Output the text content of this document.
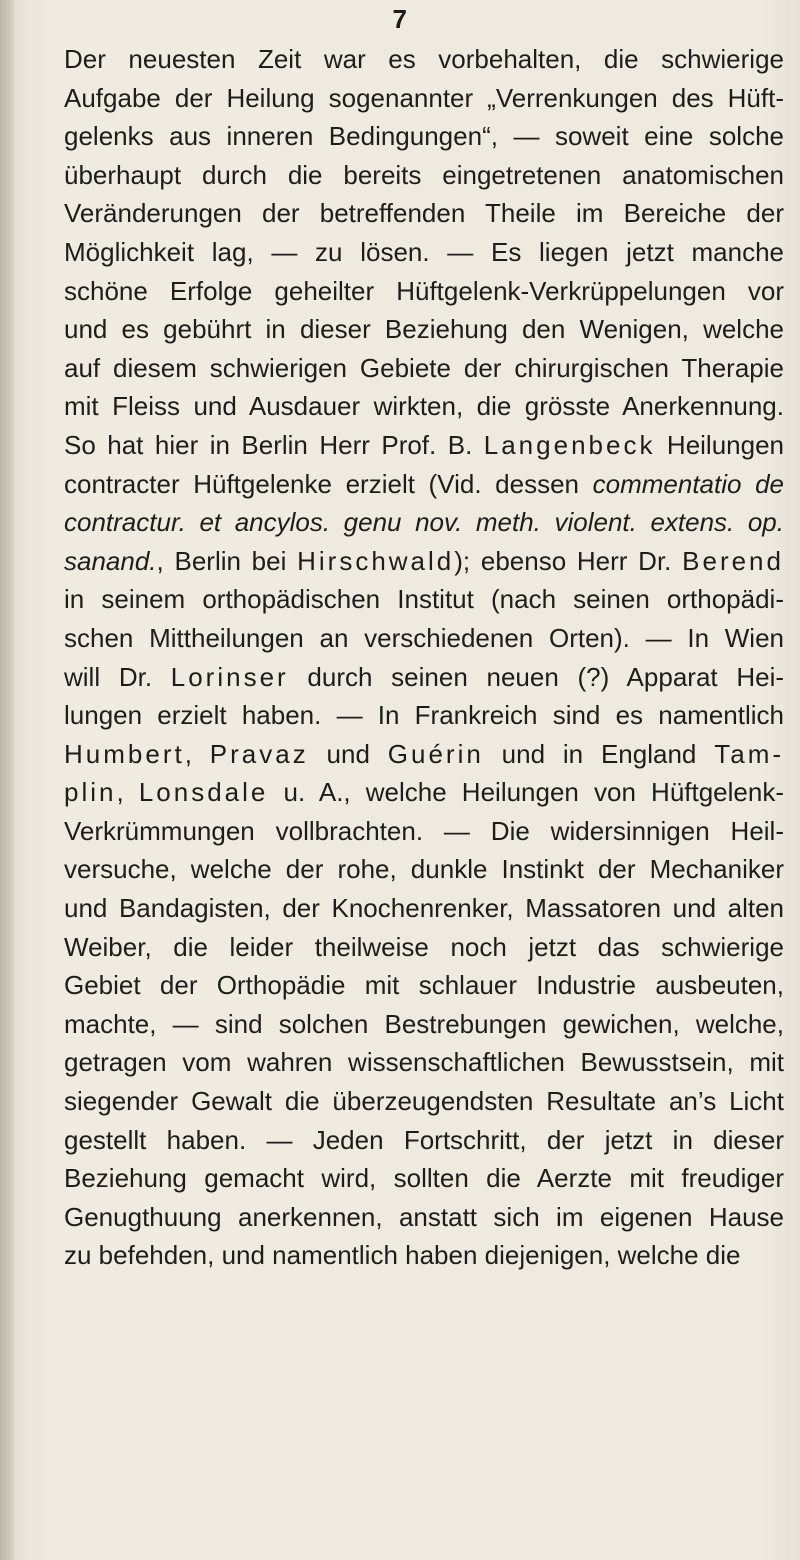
7
Der neuesten Zeit war es vorbehalten, die schwierige
Aufgabe der Heilung sogenannter „Verrenkungen des Hüft-
gelenks aus inneren Bedingungen“, — soweit eine solche
überhaupt durch die bereits eingetretenen anatomischen
Veränderungen der betreffenden Theile im Bereiche der
Möglichkeit lag, — zu lösen. — Es liegen jetzt manche
schöne Erfolge geheilter Hüftgelenk-Verkrüppelungen vor
und es gebührt in dieser Beziehung den Wenigen, welche
auf diesem schwierigen Gebiete der chirurgischen Therapie
mit Fleiss und Ausdauer wirkten, die grösste Anerkennung.
So hat hier in Berlin Herr Prof. B. Langenbeck Heilungen
contracter Hüftgelenke erzielt (Vid. dessen commentatio de
contractur. et ancylos. genu nov. meth. violent. extens. op.
sanand., Berlin bei Hirschwald); ebenso Herr Dr. Berend
in seinem orthopädischen Institut (nach seinen orthopädi-
schen Mittheilungen an verschiedenen Orten). — In Wien
will Dr. Lorinser durch seinen neuen (?) Apparat Hei-
lungen erzielt haben. — In Frankreich sind es namentlich
Humbert, Pravaz und Guérin und in England Tam-
plin, Lonsdale u. A., welche Heilungen von Hüftgelenk-
Verkrümmungen vollbrachten. — Die widersinnigen Heil-
versuche, welche der rohe, dunkle Instinkt der Mechaniker
und Bandagisten, der Knochenrenker, Massatoren und alten
Weiber, die leider theilweise noch jetzt das schwierige
Gebiet der Orthopädie mit schlauer Industrie ausbeuten,
machte, — sind solchen Bestrebungen gewichen, welche,
getragen vom wahren wissenschaftlichen Bewusstsein, mit
siegender Gewalt die überzeugendsten Resultate an’s Licht
gestellt haben. — Jeden Fortschritt, der jetzt in dieser
Beziehung gemacht wird, sollten die Aerzte mit freudiger
Genugthuung anerkennen, anstatt sich im eigenen Hause
zu befehden, und namentlich haben diejenigen, welche die
